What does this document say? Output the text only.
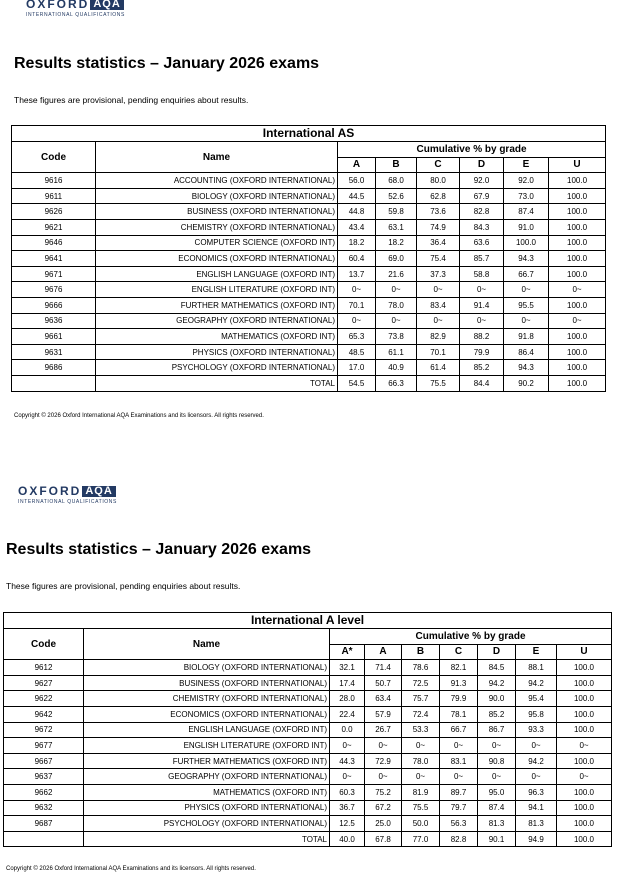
OXFORD AQA
INTERNATIONAL QUALIFICATIONS
Results statistics – January 2026 exams
These figures are provisional, pending enquiries about results.
International AS							
Code	Name	Cumulative % by grade					
		A	B	C	D	E	U
9616	ACCOUNTING (OXFORD INTERNATIONAL)	56.0	68.0	80.0	92.0	92.0	100.0
9611	BIOLOGY (OXFORD INTERNATIONAL)	44.5	52.6	62.8	67.9	73.0	100.0
9626	BUSINESS (OXFORD INTERNATIONAL)	44.8	59.8	73.6	82.8	87.4	100.0
9621	CHEMISTRY (OXFORD INTERNATIONAL)	43.4	63.1	74.9	84.3	91.0	100.0
9646	COMPUTER SCIENCE (OXFORD INT)	18.2	18.2	36.4	63.6	100.0	100.0
9641	ECONOMICS (OXFORD INTERNATIONAL)	60.4	69.0	75.4	85.7	94.3	100.0
9671	ENGLISH LANGUAGE (OXFORD INT)	13.7	21.6	37.3	58.8	66.7	100.0
9676	ENGLISH LITERATURE (OXFORD INT)	0~	0~	0~	0~	0~	0~
9666	FURTHER MATHEMATICS (OXFORD INT)	70.1	78.0	83.4	91.4	95.5	100.0
9636	GEOGRAPHY (OXFORD INTERNATIONAL)	0~	0~	0~	0~	0~	0~
9661	MATHEMATICS (OXFORD INT)	65.3	73.8	82.9	88.2	91.8	100.0
9631	PHYSICS (OXFORD INTERNATIONAL)	48.5	61.1	70.1	79.9	86.4	100.0
9686	PSYCHOLOGY (OXFORD INTERNATIONAL)	17.0	40.9	61.4	85.2	94.3	100.0
	TOTAL	54.5	66.3	75.5	84.4	90.2	100.0
Copyright © 2026 Oxford International AQA Examinations and its licensors. All rights reserved.
OXFORD AQA
INTERNATIONAL QUALIFICATIONS
Results statistics – January 2026 exams
These figures are provisional, pending enquiries about results.
International A level								
Code	Name	Cumulative % by grade						
		A*	A	B	C	D	E	U
9612	BIOLOGY (OXFORD INTERNATIONAL)	32.1	71.4	78.6	82.1	84.5	88.1	100.0
9627	BUSINESS (OXFORD INTERNATIONAL)	17.4	50.7	72.5	91.3	94.2	94.2	100.0
9622	CHEMISTRY (OXFORD INTERNATIONAL)	28.0	63.4	75.7	79.9	90.0	95.4	100.0
9642	ECONOMICS (OXFORD INTERNATIONAL)	22.4	57.9	72.4	78.1	85.2	95.8	100.0
9672	ENGLISH LANGUAGE (OXFORD INT)	0.0	26.7	53.3	66.7	86.7	93.3	100.0
9677	ENGLISH LITERATURE (OXFORD INT)	0~	0~	0~	0~	0~	0~	0~
9667	FURTHER MATHEMATICS (OXFORD INT)	44.3	72.9	78.0	83.1	90.8	94.2	100.0
9637	GEOGRAPHY (OXFORD INTERNATIONAL)	0~	0~	0~	0~	0~	0~	0~
9662	MATHEMATICS (OXFORD INT)	60.3	75.2	81.9	89.7	95.0	96.3	100.0
9632	PHYSICS (OXFORD INTERNATIONAL)	36.7	67.2	75.5	79.7	87.4	94.1	100.0
9687	PSYCHOLOGY (OXFORD INTERNATIONAL)	12.5	25.0	50.0	56.3	81.3	81.3	100.0
	TOTAL	40.0	67.8	77.0	82.8	90.1	94.9	100.0
Copyright © 2026 Oxford International AQA Examinations and its licensors. All rights reserved.
